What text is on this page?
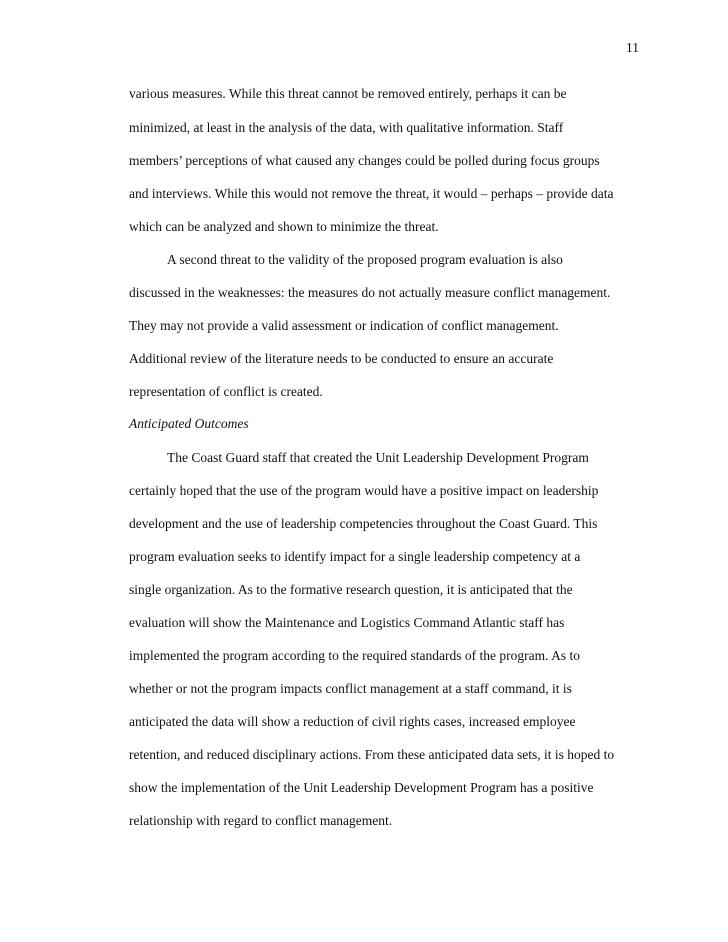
11
various measures. While this threat cannot be removed entirely, perhaps it can be
minimized, at least in the analysis of the data, with qualitative information. Staff
members’ perceptions of what caused any changes could be polled during focus groups
and interviews. While this would not remove the threat, it would – perhaps – provide data
which can be analyzed and shown to minimize the threat.
A second threat to the validity of the proposed program evaluation is also
discussed in the weaknesses: the measures do not actually measure conflict management.
They may not provide a valid assessment or indication of conflict management.
Additional review of the literature needs to be conducted to ensure an accurate
representation of conflict is created.
Anticipated Outcomes
The Coast Guard staff that created the Unit Leadership Development Program
certainly hoped that the use of the program would have a positive impact on leadership
development and the use of leadership competencies throughout the Coast Guard. This
program evaluation seeks to identify impact for a single leadership competency at a
single organization. As to the formative research question, it is anticipated that the
evaluation will show the Maintenance and Logistics Command Atlantic staff has
implemented the program according to the required standards of the program. As to
whether or not the program impacts conflict management at a staff command, it is
anticipated the data will show a reduction of civil rights cases, increased employee
retention, and reduced disciplinary actions. From these anticipated data sets, it is hoped to
show the implementation of the Unit Leadership Development Program has a positive
relationship with regard to conflict management.
